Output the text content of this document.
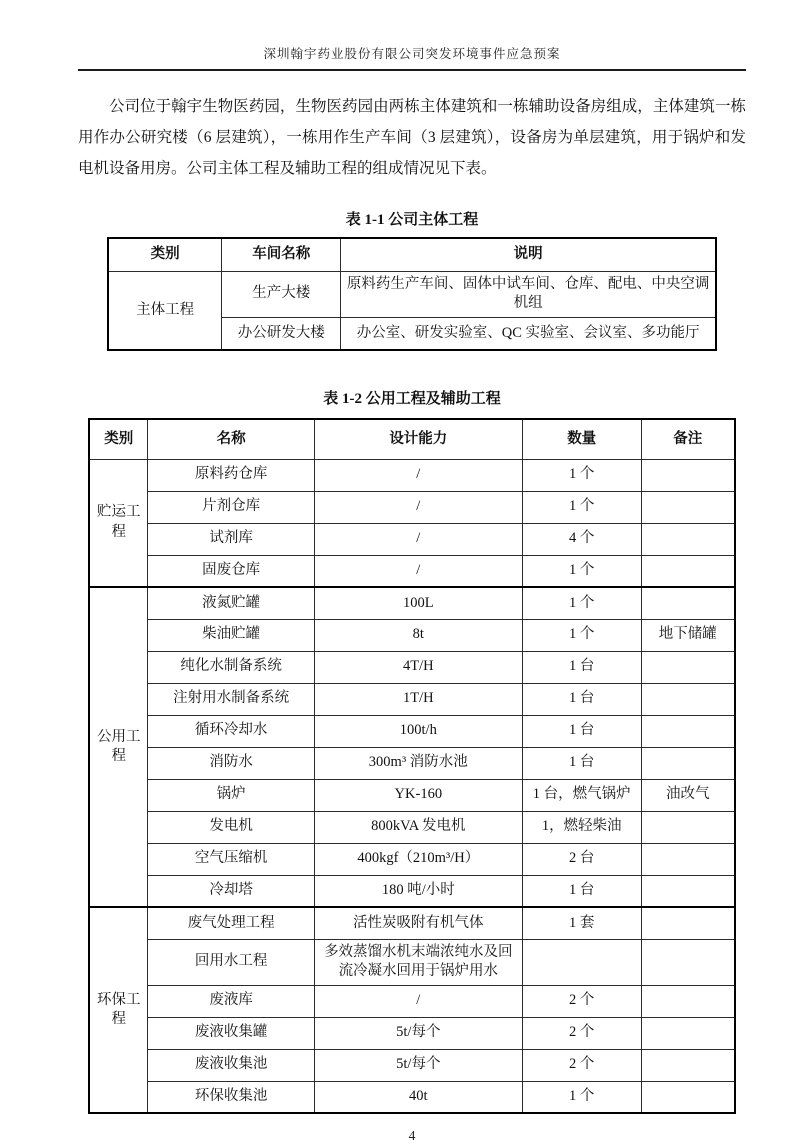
深圳翰宇药业股份有限公司突发环境事件应急预案

公司位于翰宇生物医药园，生物医药园由两栋主体建筑和一栋辅助设备房组成，主体建筑一栋用作办公研究楼（6 层建筑），一栋用作生产车间（3 层建筑），设备房为单层建筑，用于锅炉和发电机设备用房。公司主体工程及辅助工程的组成情况见下表。

表 1-1 公司主体工程

类别	车间名称	说明
主体工程	生产大楼	原料药生产车间、固体中试车间、仓库、配电、中央空调机组
	办公研发大楼	办公室、研发实验室、QC 实验室、会议室、多功能厅

表 1-2 公用工程及辅助工程

类别	名称	设计能力	数量	备注
贮运工程	原料药仓库	/	1 个	
	片剂仓库	/	1 个	
	试剂库	/	4 个	
	固废仓库	/	1 个	
公用工程	液氮贮罐	100L	1 个	
	柴油贮罐	8t	1 个	地下储罐
	纯化水制备系统	4T/H	1 台	
	注射用水制备系统	1T/H	1 台	
	循环冷却水	100t/h	1 台	
	消防水	300m³ 消防水池	1 台	
	锅炉	YK-160	1 台，燃气锅炉	油改气
	发电机	800kVA 发电机	1，燃轻柴油	
	空气压缩机	400kgf（210m³/H）	2 台	
	冷却塔	180 吨/小时	1 台	
环保工程	废气处理工程	活性炭吸附有机气体	1 套	
	回用水工程	多效蒸馏水机末端浓纯水及回流冷凝水回用于锅炉用水		
	废液库	/	2 个	
	废液收集罐	5t/每个	2 个	
	废液收集池	5t/每个	2 个	
	环保收集池	40t	1 个	
4
